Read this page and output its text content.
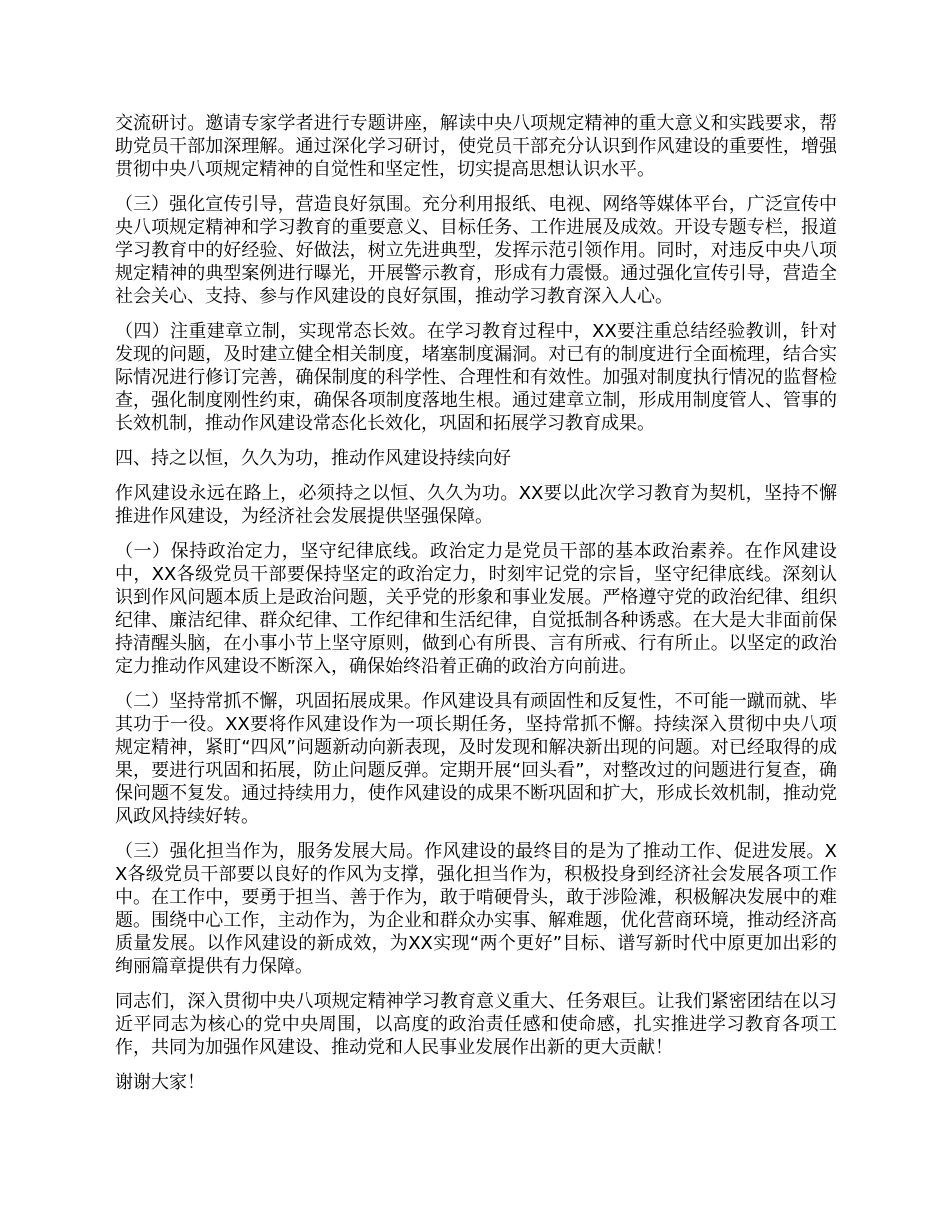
交流研讨。邀请专家学者进行专题讲座，解读中央八项规定精神的重大意义和实践要求，帮助党员干部加深理解。通过深化学习研讨，使党员干部充分认识到作风建设的重要性，增强贯彻中央八项规定精神的自觉性和坚定性，切实提高思想认识水平。

（三）强化宣传引导，营造良好氛围。充分利用报纸、电视、网络等媒体平台，广泛宣传中央八项规定精神和学习教育的重要意义、目标任务、工作进展及成效。开设专题专栏，报道学习教育中的好经验、好做法，树立先进典型，发挥示范引领作用。同时，对违反中央八项规定精神的典型案例进行曝光，开展警示教育，形成有力震慑。通过强化宣传引导，营造全社会关心、支持、参与作风建设的良好氛围，推动学习教育深入人心。

（四）注重建章立制，实现常态长效。在学习教育过程中，XX要注重总结经验教训，针对发现的问题，及时建立健全相关制度，堵塞制度漏洞。对已有的制度进行全面梳理，结合实际情况进行修订完善，确保制度的科学性、合理性和有效性。加强对制度执行情况的监督检查，强化制度刚性约束，确保各项制度落地生根。通过建章立制，形成用制度管人、管事的长效机制，推动作风建设常态化长效化，巩固和拓展学习教育成果。

四、持之以恒，久久为功，推动作风建设持续向好

作风建设永远在路上，必须持之以恒、久久为功。XX要以此次学习教育为契机，坚持不懈推进作风建设，为经济社会发展提供坚强保障。

（一）保持政治定力，坚守纪律底线。政治定力是党员干部的基本政治素养。在作风建设中，XX各级党员干部要保持坚定的政治定力，时刻牢记党的宗旨，坚守纪律底线。深刻认识到作风问题本质上是政治问题，关乎党的形象和事业发展。严格遵守党的政治纪律、组织纪律、廉洁纪律、群众纪律、工作纪律和生活纪律，自觉抵制各种诱惑。在大是大非面前保持清醒头脑，在小事小节上坚守原则，做到心有所畏、言有所戒、行有所止。以坚定的政治定力推动作风建设不断深入，确保始终沿着正确的政治方向前进。

（二）坚持常抓不懈，巩固拓展成果。作风建设具有顽固性和反复性，不可能一蹴而就、毕其功于一役。XX要将作风建设作为一项长期任务，坚持常抓不懈。持续深入贯彻中央八项规定精神，紧盯“四风”问题新动向新表现，及时发现和解决新出现的问题。对已经取得的成果，要进行巩固和拓展，防止问题反弹。定期开展“回头看”，对整改过的问题进行复查，确保问题不复发。通过持续用力，使作风建设的成果不断巩固和扩大，形成长效机制，推动党风政风持续好转。

（三）强化担当作为，服务发展大局。作风建设的最终目的是为了推动工作、促进发展。XX各级党员干部要以良好的作风为支撑，强化担当作为，积极投身到经济社会发展各项工作中。在工作中，要勇于担当、善于作为，敢于啃硬骨头，敢于涉险滩，积极解决发展中的难题。围绕中心工作，主动作为，为企业和群众办实事、解难题，优化营商环境，推动经济高质量发展。以作风建设的新成效，为XX实现“两个更好”目标、谱写新时代中原更加出彩的绚丽篇章提供有力保障。

同志们，深入贯彻中央八项规定精神学习教育意义重大、任务艰巨。让我们紧密团结在以习近平同志为核心的党中央周围，以高度的政治责任感和使命感，扎实推进学习教育各项工作，共同为加强作风建设、推动党和人民事业发展作出新的更大贡献！

谢谢大家！
